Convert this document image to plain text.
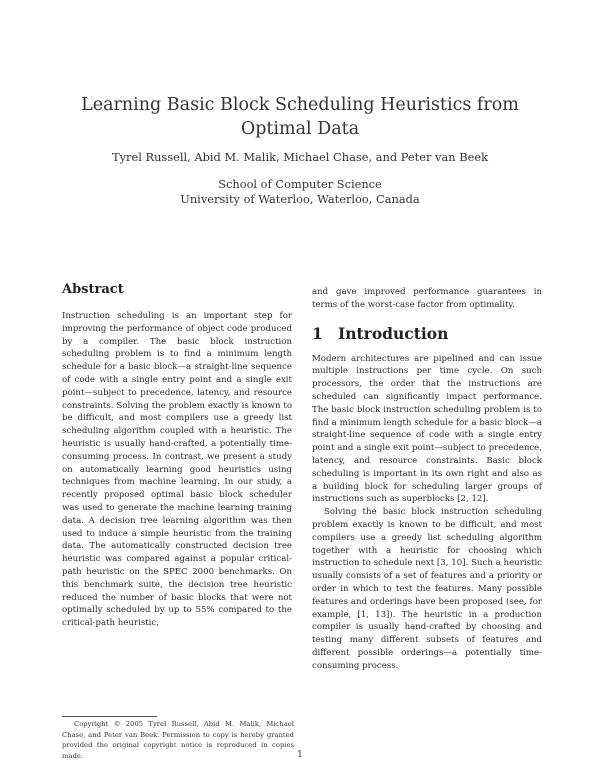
Learning Basic Block Scheduling Heuristics from
Optimal Data
Tyrel Russell, Abid M. Malik, Michael Chase, and Peter van Beek
School of Computer Science
University of Waterloo, Waterloo, Canada
Abstract

Instruction scheduling is an important step for improving the performance of object code produced by a compiler. The basic block instruction scheduling problem is to find a minimum length schedule for a basic block—a straight-line sequence of code with a single entry point and a single exit point—subject to precedence, latency, and resource constraints. Solving the problem exactly is known to be difficult, and most compilers use a greedy list scheduling algorithm coupled with a heuristic. The heuristic is usually hand-crafted, a potentially time-consuming process. In contrast, we present a study on automatically learning good heuristics using techniques from machine learning. In our study, a recently proposed optimal basic block scheduler was used to generate the machine learning training data. A decision tree learning algorithm was then used to induce a simple heuristic from the training data. The automatically constructed decision tree heuristic was compared against a popular critical-path heuristic on the SPEC 2000 benchmarks. On this benchmark suite, the decision tree heuristic reduced the number of basic blocks that were not optimally scheduled by up to 55% compared to the critical-path heuristic,

and gave improved performance guarantees in terms of the worst-case factor from optimality.

1 Introduction

Modern architectures are pipelined and can issue multiple instructions per time cycle. On such processors, the order that the instructions are scheduled can significantly impact performance. The basic block instruction scheduling problem is to find a minimum length schedule for a basic block—a straight-line sequence of code with a single entry point and a single exit point—subject to precedence, latency, and resource constraints. Basic block scheduling is important in its own right and also as a building block for scheduling larger groups of instructions such as superblocks [2, 12].

Solving the basic block instruction scheduling problem exactly is known to be difficult, and most compilers use a greedy list scheduling algorithm together with a heuristic for choosing which instruction to schedule next [3, 10]. Such a heuristic usually consists of a set of features and a priority or order in which to test the features. Many possible features and orderings have been proposed (see, for example, [1, 13]). The heuristic in a production compiler is usually hand-crafted by choosing and testing many different subsets of features and different possible orderings—a potentially time-consuming process.

Copyright © 2005 Tyrel Russell, Abid M. Malik, Michael Chase, and Peter van Beek. Permission to copy is hereby granted provided the original copyright notice is reproduced in copies made.	1
